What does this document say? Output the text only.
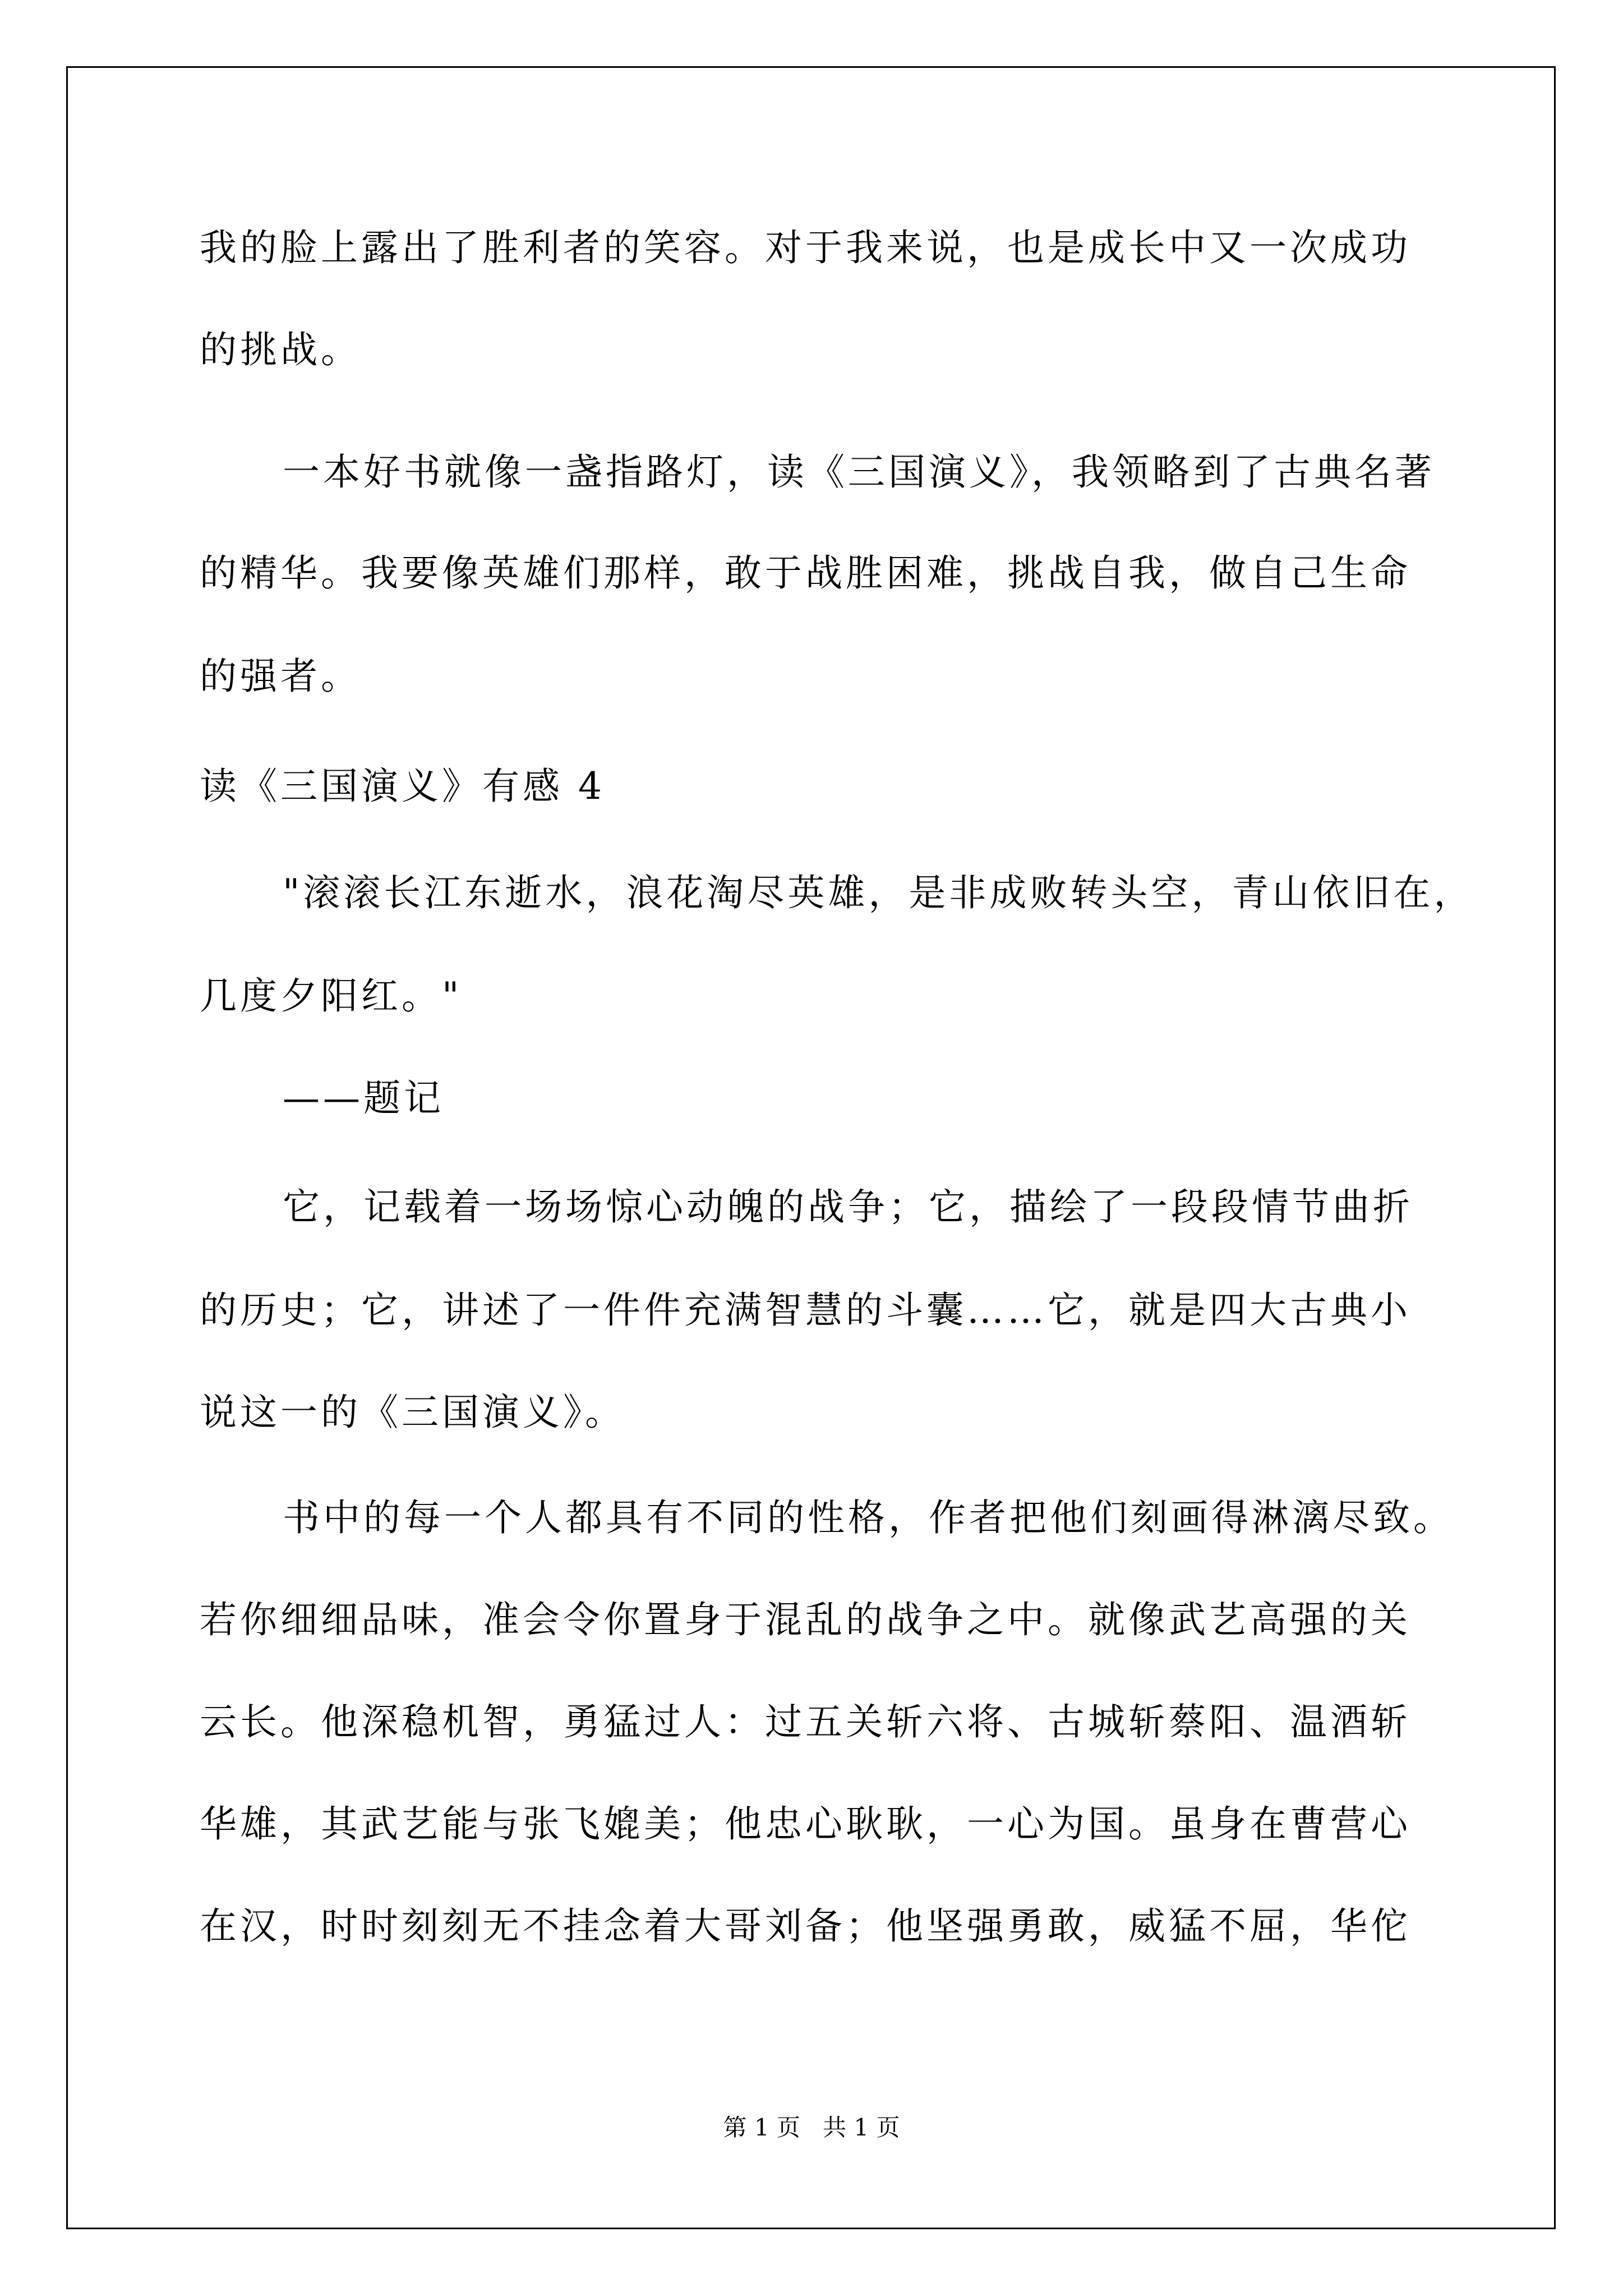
我的脸上露出了胜利者的笑容。对于我来说，也是成长中又一次成功
的挑战。
一本好书就像一盏指路灯，读《三国演义》，我领略到了古典名著
的精华。我要像英雄们那样，敢于战胜困难，挑战自我，做自己生命
的强者。
读《三国演义》有感 4
"滚滚长江东逝水，浪花淘尽英雄，是非成败转头空，青山依旧在，
几度夕阳红。"
——题记
它，记载着一场场惊心动魄的战争；它，描绘了一段段情节曲折
的历史；它，讲述了一件件充满智慧的斗囊……它，就是四大古典小
说这一的《三国演义》。
书中的每一个人都具有不同的性格，作者把他们刻画得淋漓尽致。
若你细细品味，准会令你置身于混乱的战争之中。就像武艺高强的关
云长。他深稳机智，勇猛过人：过五关斩六将、古城斩蔡阳、温酒斩
华雄，其武艺能与张飞媲美；他忠心耿耿，一心为国。虽身在曹营心
在汉，时时刻刻无不挂念着大哥刘备；他坚强勇敢，威猛不屈，华佗
第 1 页   共 1 页
